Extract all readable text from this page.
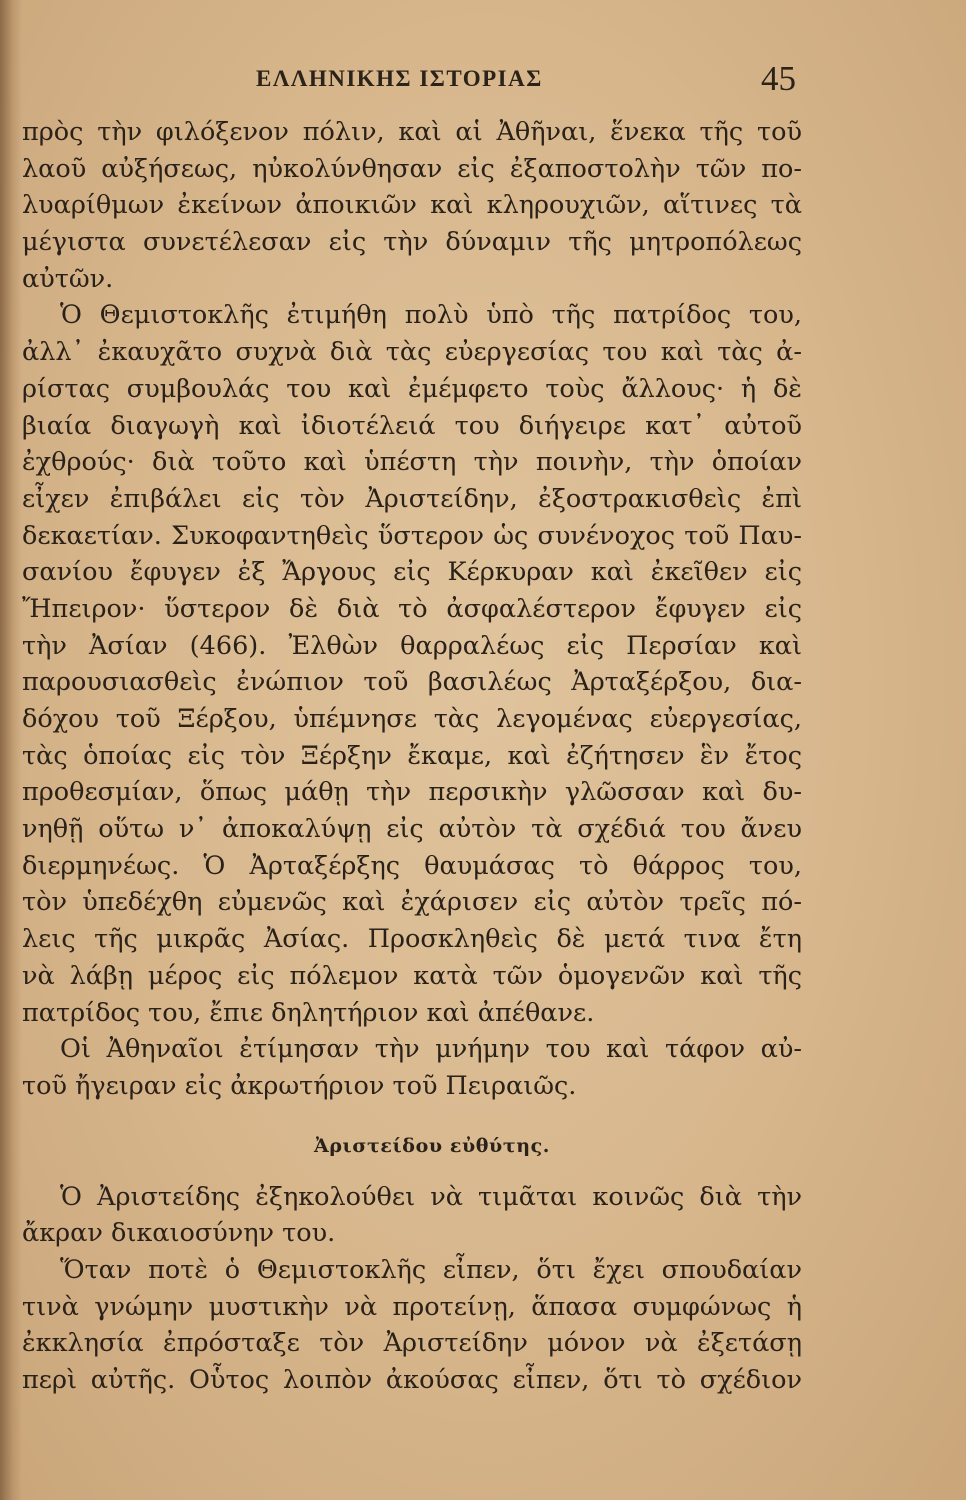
ΕΛΛΗΝΙΚΗΣ ΙΣΤΟΡΙΑΣ	45
πρὸς τὴν φιλόξενον πόλιν, καὶ αἱ Ἀθῆναι, ἕνεκα τῆς τοῦ
λαοῦ αὐξήσεως, ηὐκολύνθησαν εἰς ἐξαποστολὴν τῶν πο-
λυαρίθμων ἐκείνων ἀποικιῶν καὶ κληρουχιῶν, αἵτινες τὰ
μέγιστα συνετέλεσαν εἰς τὴν δύναμιν τῆς μητροπόλεως
αὐτῶν.
Ὁ Θεμιστοκλῆς ἐτιμήθη πολὺ ὑπὸ τῆς πατρίδος του,
ἀλλ᾿ ἐκαυχᾶτο συχνὰ διὰ τὰς εὐεργεσίας του καὶ τὰς ἀ-
ρίστας συμβουλάς του καὶ ἐμέμφετο τοὺς ἄλλους· ἡ δὲ
βιαία διαγωγὴ καὶ ἰδιοτέλειά του διήγειρε κατ᾿ αὐτοῦ
ἐχθρούς· διὰ τοῦτο καὶ ὑπέστη τὴν ποινὴν, τὴν ὁποίαν
εἶχεν ἐπιβάλει εἰς τὸν Ἀριστείδην, ἐξοστρακισθεὶς ἐπὶ
δεκαετίαν. Συκοφαντηθεὶς ὕστερον ὡς συνένοχος τοῦ Παυ-
σανίου ἔφυγεν ἐξ Ἄργους εἰς Κέρκυραν καὶ ἐκεῖθεν εἰς
Ἤπειρον· ὕστερον δὲ διὰ τὸ ἀσφαλέστερον ἔφυγεν εἰς
τὴν Ἀσίαν (466). Ἐλθὼν θαρραλέως εἰς Περσίαν καὶ
παρουσιασθεὶς ἐνώπιον τοῦ βασιλέως Ἀρταξέρξου, δια-
δόχου τοῦ Ξέρξου, ὑπέμνησε τὰς λεγομένας εὐεργεσίας,
τὰς ὁποίας εἰς τὸν Ξέρξην ἔκαμε, καὶ ἐζήτησεν ἓν ἔτος
προθεσμίαν, ὅπως μάθῃ τὴν περσικὴν γλῶσσαν καὶ δυ-
νηθῇ οὕτω ν᾿ ἀποκαλύψῃ εἰς αὐτὸν τὰ σχέδιά του ἄνευ
διερμηνέως. Ὁ Ἀρταξέρξης θαυμάσας τὸ θάρρος του,
τὸν ὑπεδέχθη εὐμενῶς καὶ ἐχάρισεν εἰς αὐτὸν τρεῖς πό-
λεις τῆς μικρᾶς Ἀσίας. Προσκληθεὶς δὲ μετά τινα ἔτη
νὰ λάβῃ μέρος εἰς πόλεμον κατὰ τῶν ὁμογενῶν καὶ τῆς
πατρίδος του, ἔπιε δηλητήριον καὶ ἀπέθανε.
Οἱ Ἀθηναῖοι ἐτίμησαν τὴν μνήμην του καὶ τάφον αὐ-
τοῦ ἤγειραν εἰς ἀκρωτήριον τοῦ Πειραιῶς.
Ἀριστείδου εὐθύτης.
Ὁ Ἀριστείδης ἐξηκολούθει νὰ τιμᾶται κοινῶς διὰ τὴν
ἄκραν δικαιοσύνην του.
Ὅταν ποτὲ ὁ Θεμιστοκλῆς εἶπεν, ὅτι ἔχει σπουδαίαν
τινὰ γνώμην μυστικὴν νὰ προτείνῃ, ἅπασα συμφώνως ἡ
ἐκκλησία ἐπρόσταξε τὸν Ἀριστείδην μόνον νὰ ἐξετάσῃ
περὶ αὐτῆς. Οὗτος λοιπὸν ἀκούσας εἶπεν, ὅτι τὸ σχέδιον
